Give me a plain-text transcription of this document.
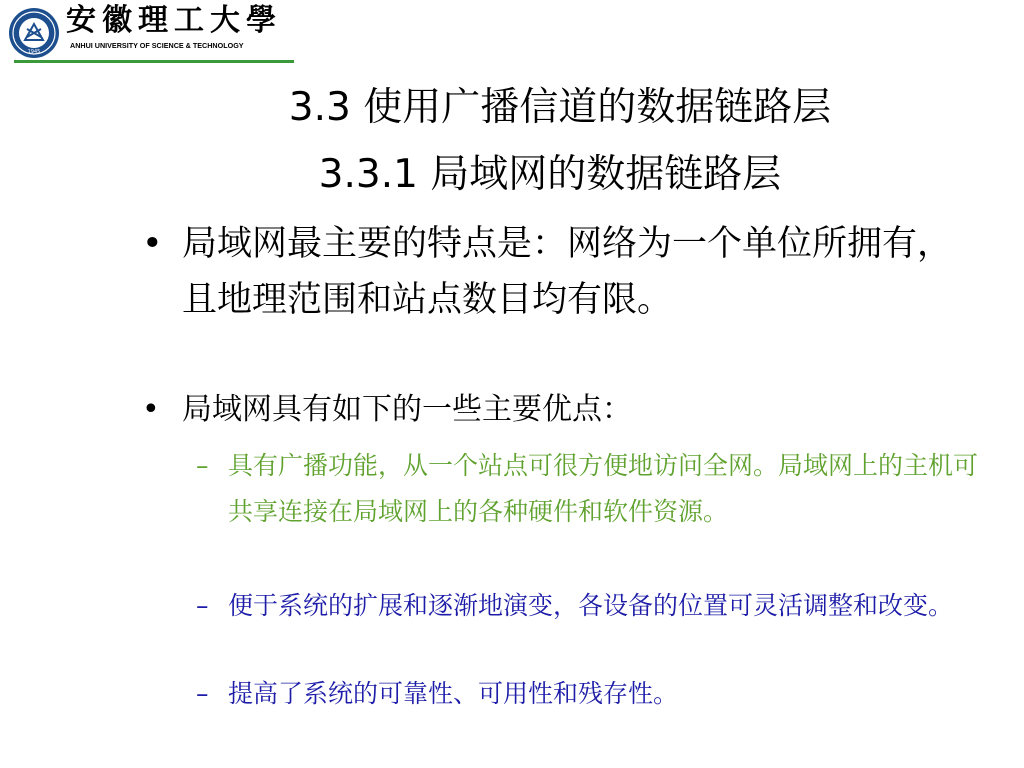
1945
安徽理工大學
ANHUI UNIVERSITY OF SCIENCE & TECHNOLOGY
3.3 使用广播信道的数据链路层
3.3.1 局域网的数据链路层
• 局域网最主要的特点是：网络为一个单位所拥有，且地理范围和站点数目均有限。
• 局域网具有如下的一些主要优点：
– 具有广播功能，从一个站点可很方便地访问全网。局域网上的主机可共享连接在局域网上的各种硬件和软件资源。
– 便于系统的扩展和逐渐地演变，各设备的位置可灵活调整和改变。
– 提高了系统的可靠性、可用性和残存性。
